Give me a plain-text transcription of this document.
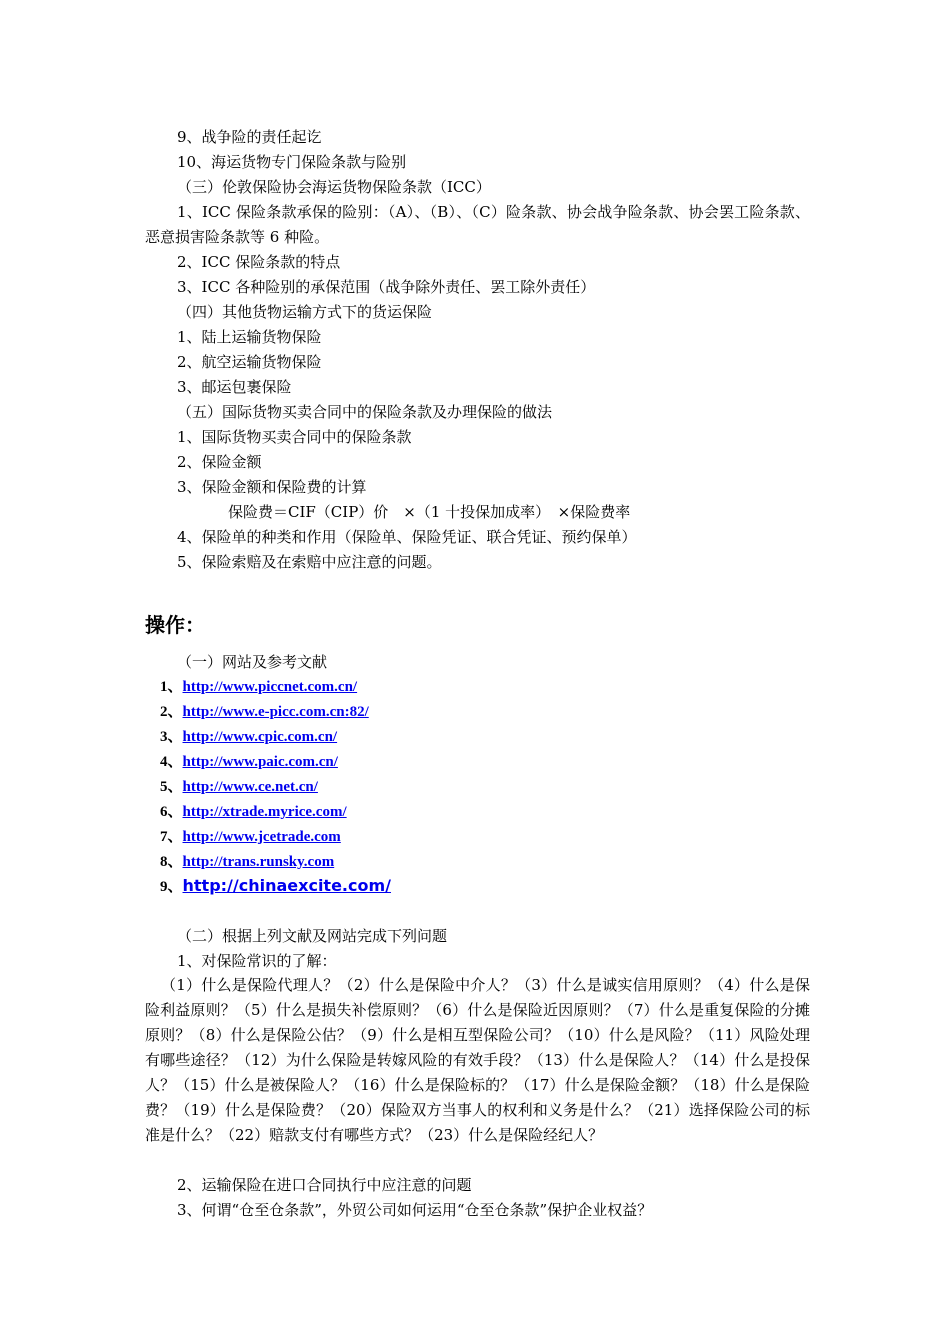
9、战争险的责任起讫
10、海运货物专门保险条款与险别
（三）伦敦保险协会海运货物保险条款（ICC）
1、ICC 保险条款承保的险别：（A）、（B）、（C）险条款、协会战争险条款、协会罢工险条款、恶意损害险条款等 6 种险。
2、ICC 保险条款的特点
3、ICC 各种险别的承保范围（战争除外责任、罢工除外责任）
（四）其他货物运输方式下的货运保险
1、陆上运输货物保险
2、航空运输货物保险
3、邮运包裹保险
（五）国际货物买卖合同中的保险条款及办理保险的做法
1、国际货物买卖合同中的保险条款
2、保险金额
3、保险金额和保险费的计算
保险费＝CIF（CIP）价　×（1 十投保加成率）　×保险费率
4、保险单的种类和作用（保险单、保险凭证、联合凭证、预约保单）
5、保险索赔及在索赔中应注意的问题。
操作：
（一）网站及参考文献
1、http://www.piccnet.com.cn/
2、http://www.e-picc.com.cn:82/
3、http://www.cpic.com.cn/
4、http://www.paic.com.cn/
5、http://www.ce.net.cn/
6、http://xtrade.myrice.com/
7、http://www.jcetrade.com
8、http://trans.runsky.com
9、http://chinaexcite.com/
（二）根据上列文献及网站完成下列问题
1、对保险常识的了解：
（1）什么是保险代理人？（2）什么是保险中介人？（3）什么是诚实信用原则？（4）什么是保险利益原则？（5）什么是损失补偿原则？（6）什么是保险近因原则？（7）什么是重复保险的分摊原则？（8）什么是保险公估？（9）什么是相互型保险公司？（10）什么是风险？（11）风险处理有哪些途径？（12）为什么保险是转嫁风险的有效手段？（13）什么是保险人？（14）什么是投保人？（15）什么是被保险人？（16）什么是保险标的？（17）什么是保险金额？（18）什么是保险费？（19）什么是保险费？（20）保险双方当事人的权利和义务是什么？（21）选择保险公司的标准是什么？（22）赔款支付有哪些方式？（23）什么是保险经纪人？
2、运输保险在进口合同执行中应注意的问题
3、何谓“仓至仓条款”，外贸公司如何运用“仓至仓条款”保护企业权益？
